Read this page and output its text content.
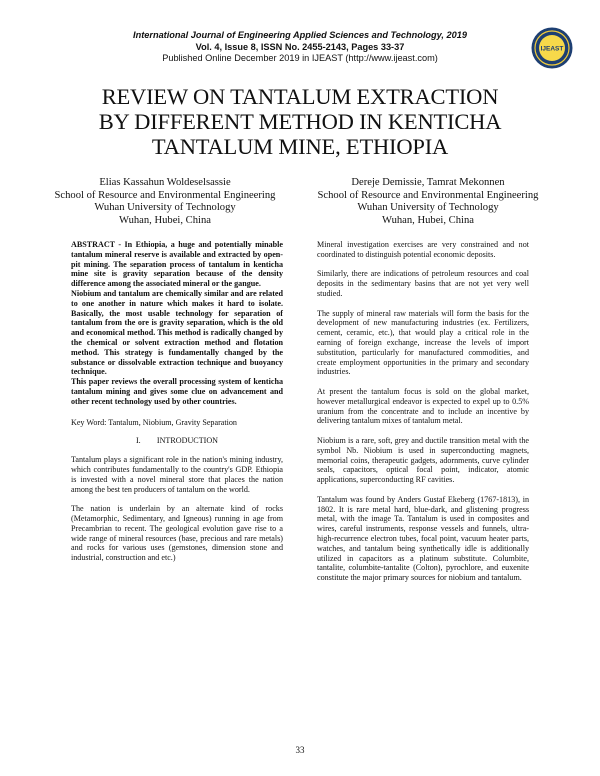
International Journal of Engineering Applied Sciences and Technology, 2019
Vol. 4, Issue 8, ISSN No. 2455-2143, Pages 33-37
Published Online December 2019 in IJEAST (http://www.ijeast.com)
IJEAST
REVIEW ON TANTALUM EXTRACTION
BY DIFFERENT METHOD IN KENTICHA
TANTALUM MINE, ETHIOPIA
Elias Kassahun Woldeselsassie
School of Resource and Environmental Engineering
Wuhan University of Technology
Wuhan, Hubei, China
Dereje Demissie, Tamrat Mekonnen
School of Resource and Environmental Engineering
Wuhan University of Technology
Wuhan, Hubei, China

ABSTRACT - In Ethiopia, a huge and potentially minable tantalum mineral reserve is available and extracted by open-pit mining. The separation process of tantalum in kenticha mine site is gravity separation because of the density difference among the associated mineral or the gangue.

Niobium and tantalum are chemically similar and are related to one another in nature which makes it hard to isolate. Basically, the most usable technology for separation of tantalum from the ore is gravity separation, which is the old and economical method. This method is radically changed by the chemical or solvent extraction method and flotation method. This strategy is fundamentally changed by the substance or dissolvable extraction technique and buoyancy technique.

This paper reviews the overall processing system of kenticha tantalum mining and gives some clue on advancement and other recent technology used by other countries.

Key Word: Tantalum, Niobium, Gravity Separation

I.        INTRODUCTION

Tantalum plays a significant role in the nation's mining industry, which contributes fundamentally to the country's GDP. Ethiopia is invested with a novel mineral store that places the nation among the best ten producers of tantalum on the world.

The nation is underlain by an alternate kind of rocks (Metamorphic, Sedimentary, and Igneous) running in age from Precambrian to recent. The geological evolution gave rise to a wide range of mineral resources (base, precious and rare metals) and rocks for various uses (gemstones, dimension stone and industrial, construction and etc.)

Mineral investigation exercises are very constrained and not coordinated to distinguish potential economic deposits.

Similarly, there are indications of petroleum resources and coal deposits in the sedimentary basins that are not yet very well studied.

The supply of mineral raw materials will form the basis for the development of new manufacturing industries (ex. Fertilizers, cement, ceramic, etc.), that would play a critical role in the earning of foreign exchange, increase the levels of import substitution, particularly for manufactured commodities, and create employment opportunities in the primary and secondary industries.

At present the tantalum focus is sold on the global market, however metallurgical endeavor is expected to expel up to 0.5% uranium from the concentrate and to include an incentive by delivering tantalum mixes of tantalum metal.

Niobium is a rare, soft, grey and ductile transition metal with the symbol Nb. Niobium is used in superconducting magnets, memorial coins, therapeutic gadgets, adornments, curve cylinder seals, capacitors, optical focal point, indicator, atomic applications, superconducting RF cavities.

Tantalum was found by Anders Gustaf Ekeberg (1767-1813), in 1802. It is rare metal hard, blue-dark, and glistening progress metal, with the image Ta. Tantalum is used in composites and wires, careful instruments, response vessels and funnels, ultra-high-recurrence electron tubes, focal point, vacuum heater parts, watches, and tantalum being synthetically idle is additionally utilized in capacitors as a platinum substitute. Columbite, tantalite, columbite-tantalite (Colton), pyrochlore, and euxenite constitute the major primary sources for niobium and tantalum.

33
